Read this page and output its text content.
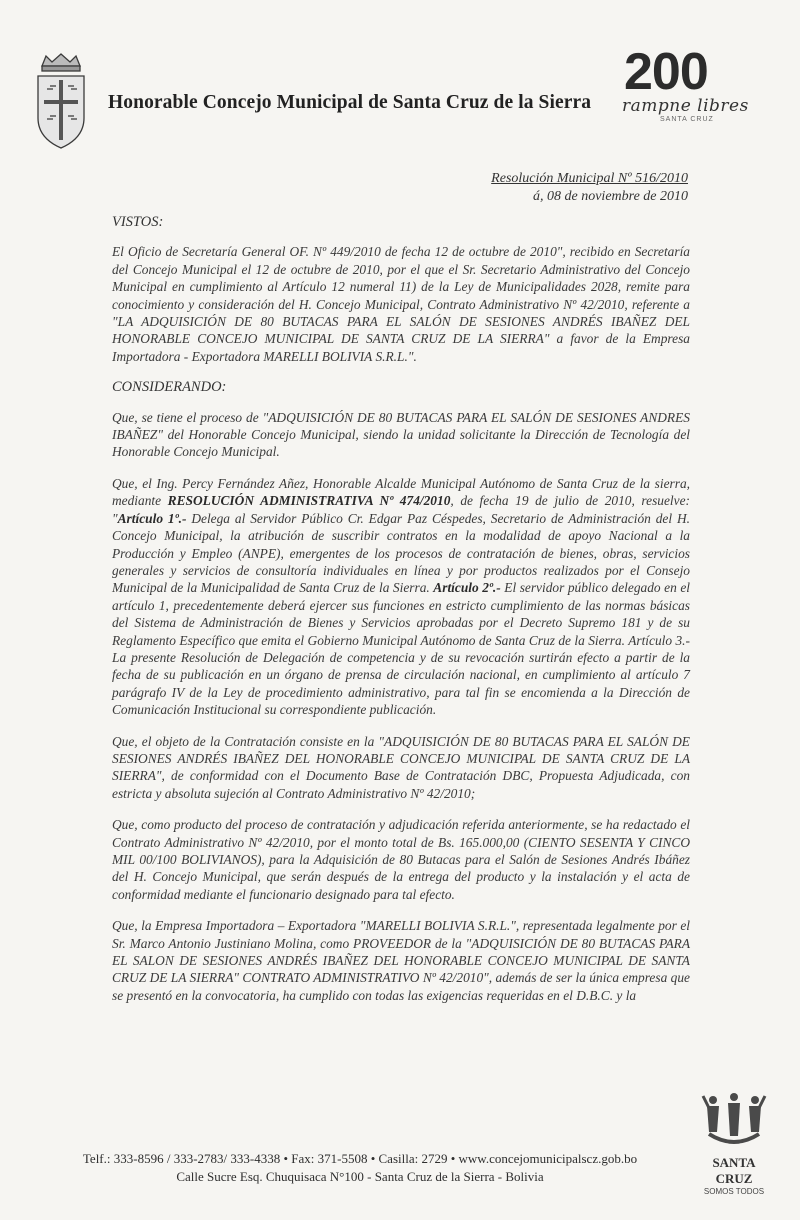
Honorable Concejo Municipal de Santa Cruz de la Sierra
200
rampne libres
SANTA CRUZ
Resolución Municipal Nº 516/2010
á, 08 de noviembre de 2010
VISTOS:

El Oficio de Secretaría General OF. Nº 449/2010 de fecha 12 de octubre de 2010", recibido en Secretaría del Concejo Municipal el 12 de octubre de 2010, por el que el Sr. Secretario Administrativo del Concejo Municipal en cumplimiento al Artículo 12 numeral 11) de la Ley de Municipalidades 2028, remite para conocimiento y consideración del H. Concejo Municipal, Contrato Administrativo Nº 42/2010, referente a "LA ADQUISICIÓN DE 80 BUTACAS PARA EL SALÓN DE SESIONES ANDRÉS IBAÑEZ DEL HONORABLE CONCEJO MUNICIPAL DE SANTA CRUZ DE LA SIERRA" a favor de la Empresa Importadora - Exportadora MARELLI BOLIVIA S.R.L.".

CONSIDERANDO:

Que, se tiene el proceso de "ADQUISICIÓN DE 80 BUTACAS PARA EL SALÓN DE SESIONES ANDRES IBAÑEZ" del Honorable Concejo Municipal, siendo la unidad solicitante la Dirección de Tecnología del Honorable Concejo Municipal.

Que, el Ing. Percy Fernández Añez, Honorable Alcalde Municipal Autónomo de Santa Cruz de la sierra, mediante RESOLUCIÓN ADMINISTRATIVA Nº 474/2010, de fecha 19 de julio de 2010, resuelve: "Artículo 1º.- Delega al Servidor Público Cr. Edgar Paz Céspedes, Secretario de Administración del H. Concejo Municipal, la atribución de suscribir contratos en la modalidad de apoyo Nacional a la Producción y Empleo (ANPE), emergentes de los procesos de contratación de bienes, obras, servicios generales y servicios de consultoría individuales en línea y por productos realizados por el Consejo Municipal de la Municipalidad de Santa Cruz de la Sierra. Artículo 2º.- El servidor público delegado en el artículo 1, precedentemente deberá ejercer sus funciones en estricto cumplimiento de las normas básicas del Sistema de Administración de Bienes y Servicios aprobadas por el Decreto Supremo 181 y de su Reglamento Específico que emita el Gobierno Municipal Autónomo de Santa Cruz de la Sierra. Artículo 3.- La presente Resolución de Delegación de competencia y de su revocación surtirán efecto a partir de la fecha de su publicación en un órgano de prensa de circulación nacional, en cumplimiento al artículo 7 parágrafo IV de la Ley de procedimiento administrativo, para tal fin se encomienda a la Dirección de Comunicación Institucional su correspondiente publicación.

Que, el objeto de la Contratación consiste en la "ADQUISICIÓN DE 80 BUTACAS PARA EL SALÓN DE SESIONES ANDRÉS IBAÑEZ DEL HONORABLE CONCEJO MUNICIPAL DE SANTA CRUZ DE LA SIERRA", de conformidad con el Documento Base de Contratación DBC, Propuesta Adjudicada, con estricta y absoluta sujeción al Contrato Administrativo Nº 42/2010;

Que, como producto del proceso de contratación y adjudicación referida anteriormente, se ha redactado el Contrato Administrativo Nº 42/2010, por el monto total de Bs. 165.000,00 (CIENTO SESENTA Y CINCO MIL 00/100 BOLIVIANOS), para la Adquisición de 80 Butacas para el Salón de Sesiones Andrés Ibáñez del H. Concejo Municipal, que serán después de la entrega del producto y la instalación y el acta de conformidad mediante el funcionario designado para tal efecto.

Que, la Empresa Importadora – Exportadora "MARELLI BOLIVIA S.R.L.", representada legalmente por el Sr. Marco Antonio Justiniano Molina, como PROVEEDOR de la "ADQUISICIÓN DE 80 BUTACAS PARA EL SALON DE SESIONES ANDRÉS IBAÑEZ DEL HONORABLE CONCEJO MUNICIPAL DE SANTA CRUZ DE LA SIERRA" CONTRATO ADMINISTRATIVO Nº 42/2010", además de ser la única empresa que se presentó en la convocatoria, ha cumplido con todas las exigencias requeridas en el D.B.C. y la

Telf.: 333-8596 / 333-2783/ 333-4338 • Fax: 371-5508 • Casilla: 2729 • www.concejomunicipalscz.gob.bo
Calle Sucre Esq. Chuquisaca N°100 - Santa Cruz de la Sierra - Bolivia
SANTA CRUZ
SOMOS TODOS
